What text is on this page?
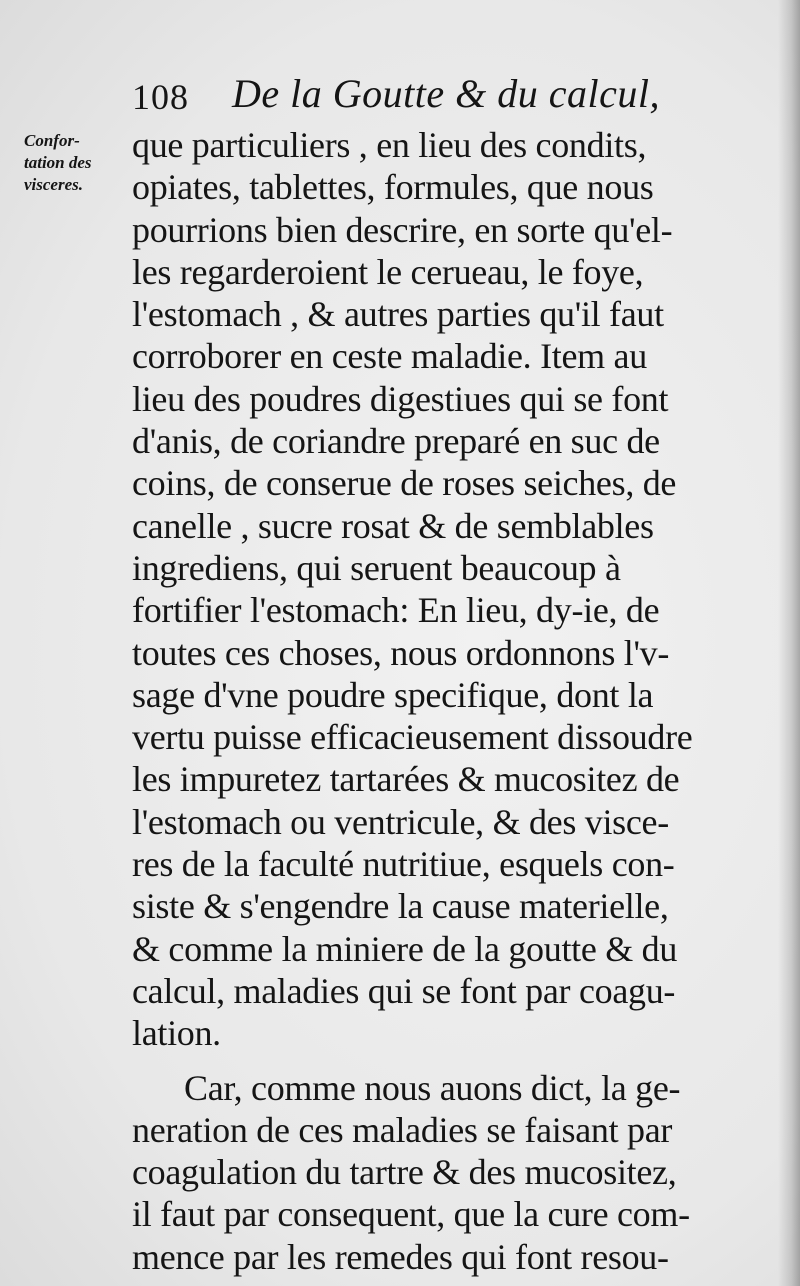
108 De la Goutte & du calcul,
Confor-
tation des
visceres.
que particuliers , en lieu des condits,
opiates, tablettes, formules, que nous
pourrions bien descrire, en sorte qu'el-
les regarderoient le cerueau, le foye,
l'estomach , & autres parties qu'il faut
corroborer en ceste maladie. Item au
lieu des poudres digestiues qui se font
d'anis, de coriandre preparé en suc de
coins, de conserue de roses seiches, de
canelle , sucre rosat & de semblables
ingrediens, qui seruent beaucoup à
fortifier l'estomach: En lieu, dy-ie, de
toutes ces choses, nous ordonnons l'v-
sage d'vne poudre specifique, dont la
vertu puisse efficacieusement dissoudre
les impuretez tartarées & mucositez de
l'estomach ou ventricule, & des visce-
res de la faculté nutritiue, esquels con-
siste & s'engendre la cause materielle,
& comme la miniere de la goutte & du
calcul, maladies qui se font par coagu-
lation.
Car, comme nous auons dict, la ge-
neration de ces maladies se faisant par
coagulation du tartre & des mucositez,
il faut par consequent, que la cure com-
mence par les remedes qui font resou-
